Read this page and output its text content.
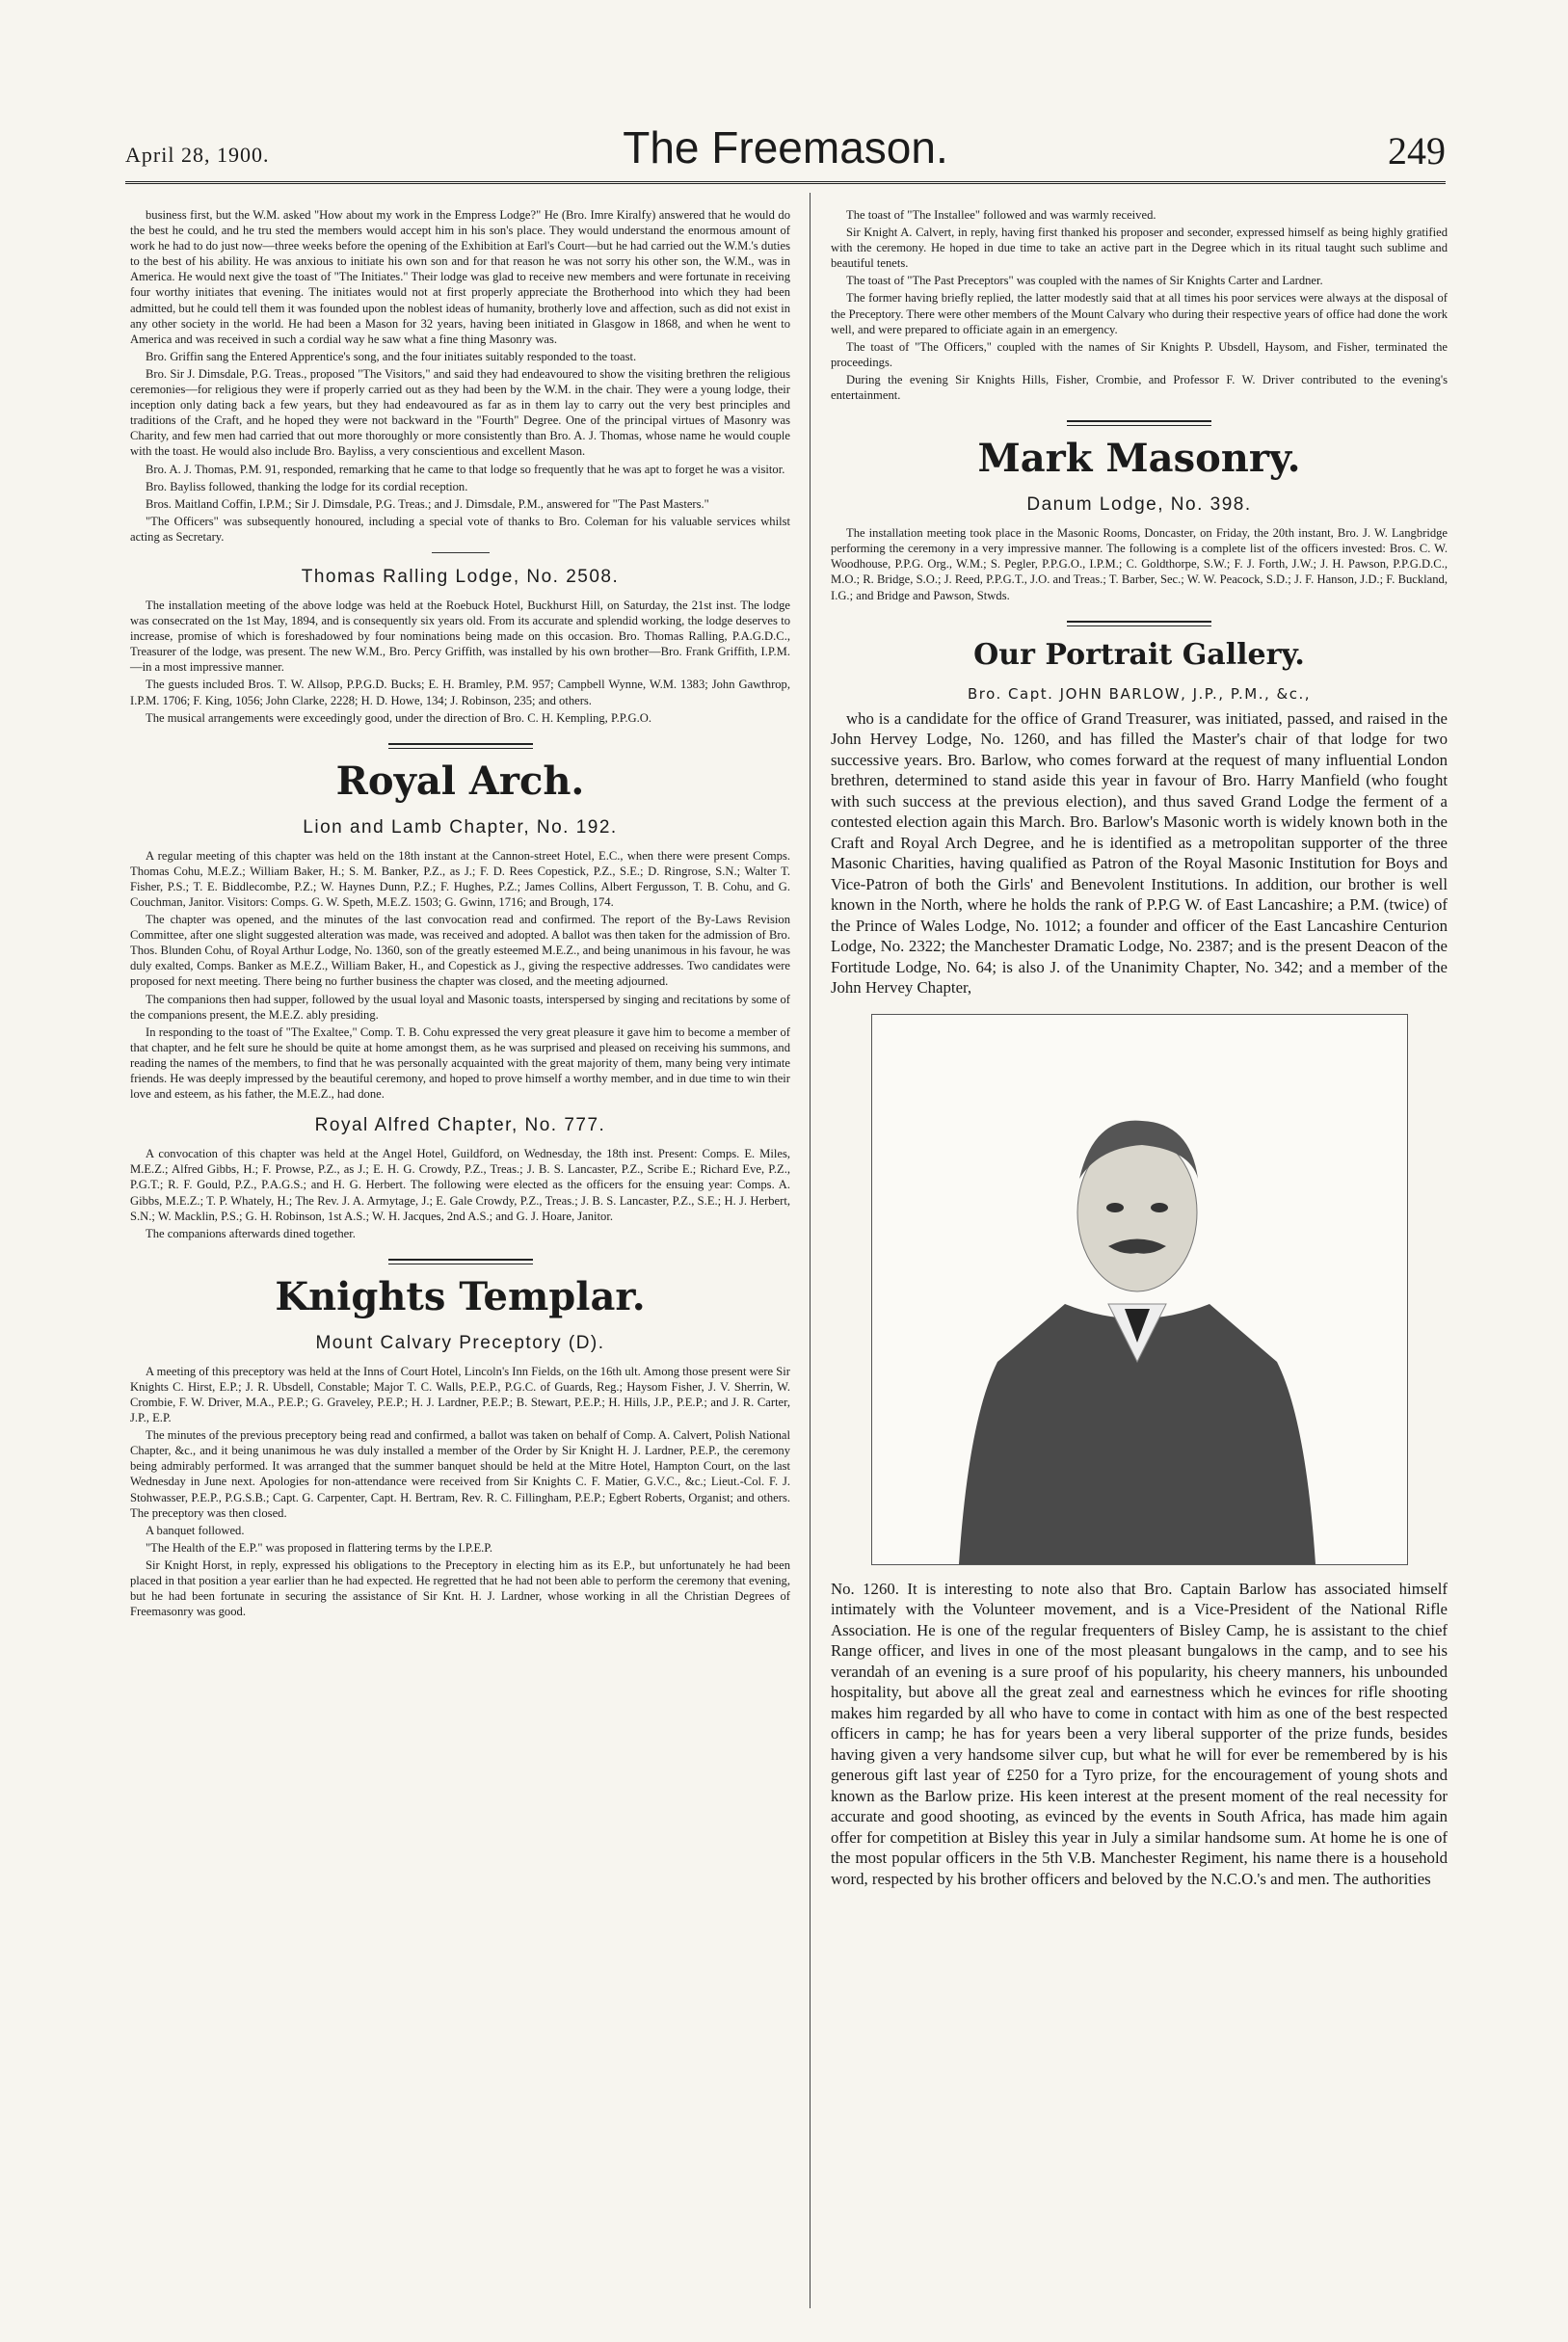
April 28, 1900.	The Freemason.	249

business first, but the W.M. asked "How about my work in the Empress Lodge?" He (Bro. Imre Kiralfy) answered that he would do the best he could, and he tru sted the members would accept him in his son's place. They would understand the enormous amount of work he had to do just now—three weeks before the opening of the Exhibition at Earl's Court—but he had carried out the W.M.'s duties to the best of his ability. He was anxious to initiate his own son and for that reason he was not sorry his other son, the W.M., was in America. He would next give the toast of "The Initiates." Their lodge was glad to receive new members and were fortunate in receiving four worthy initiates that evening. The initiates would not at first properly appreciate the Brotherhood into which they had been admitted, but he could tell them it was founded upon the noblest ideas of humanity, brotherly love and affection, such as did not exist in any other society in the world. He had been a Mason for 32 years, having been initiated in Glasgow in 1868, and when he went to America and was received in such a cordial way he saw what a fine thing Masonry was.

Bro. Griffin sang the Entered Apprentice's song, and the four initiates suitably responded to the toast.

Bro. Sir J. Dimsdale, P.G. Treas., proposed "The Visitors," and said they had endeavoured to show the visiting brethren the religious ceremonies—for religious they were if properly carried out as they had been by the W.M. in the chair. They were a young lodge, their inception only dating back a few years, but they had endeavoured as far as in them lay to carry out the very best principles and traditions of the Craft, and he hoped they were not backward in the "Fourth" Degree. One of the principal virtues of Masonry was Charity, and few men had carried that out more thoroughly or more consistently than Bro. A. J. Thomas, whose name he would couple with the toast. He would also include Bro. Bayliss, a very conscientious and excellent Mason.

Bro. A. J. Thomas, P.M. 91, responded, remarking that he came to that lodge so frequently that he was apt to forget he was a visitor.

Bro. Bayliss followed, thanking the lodge for its cordial reception.

Bros. Maitland Coffin, I.P.M.; Sir J. Dimsdale, P.G. Treas.; and J. Dimsdale, P.M., answered for "The Past Masters."

"The Officers" was subsequently honoured, including a special vote of thanks to Bro. Coleman for his valuable services whilst acting as Secretary.

Thomas Ralling Lodge, No. 2508.

The installation meeting of the above lodge was held at the Roebuck Hotel, Buckhurst Hill, on Saturday, the 21st inst. The lodge was consecrated on the 1st May, 1894, and is consequently six years old. From its accurate and splendid working, the lodge deserves to increase, promise of which is foreshadowed by four nominations being made on this occasion. Bro. Thomas Ralling, P.A.G.D.C., Treasurer of the lodge, was present. The new W.M., Bro. Percy Griffith, was installed by his own brother—Bro. Frank Griffith, I.P.M.—in a most impressive manner.

The guests included Bros. T. W. Allsop, P.P.G.D. Bucks; E. H. Bramley, P.M. 957; Campbell Wynne, W.M. 1383; John Gawthrop, I.P.M. 1706; F. King, 1056; John Clarke, 2228; H. D. Howe, 134; J. Robinson, 235; and others.

The musical arrangements were exceedingly good, under the direction of Bro. C. H. Kempling, P.P.G.O.

Royal Arch.
Lion and Lamb Chapter, No. 192.

A regular meeting of this chapter was held on the 18th instant at the Cannon-street Hotel, E.C., when there were present Comps. Thomas Cohu, M.E.Z.; William Baker, H.; S. M. Banker, P.Z., as J.; F. D. Rees Copestick, P.Z., S.E.; D. Ringrose, S.N.; Walter T. Fisher, P.S.; T. E. Biddlecombe, P.Z.; W. Haynes Dunn, P.Z.; F. Hughes, P.Z.; James Collins, Albert Fergusson, T. B. Cohu, and G. Couchman, Janitor. Visitors: Comps. G. W. Speth, M.E.Z. 1503; G. Gwinn, 1716; and Brough, 174.

The chapter was opened, and the minutes of the last convocation read and confirmed. The report of the By-Laws Revision Committee, after one slight suggested alteration was made, was received and adopted. A ballot was then taken for the admission of Bro. Thos. Blunden Cohu, of Royal Arthur Lodge, No. 1360, son of the greatly esteemed M.E.Z., and being unanimous in his favour, he was duly exalted, Comps. Banker as M.E.Z., William Baker, H., and Copestick as J., giving the respective addresses. Two candidates were proposed for next meeting. There being no further business the chapter was closed, and the meeting adjourned.

The companions then had supper, followed by the usual loyal and Masonic toasts, interspersed by singing and recitations by some of the companions present, the M.E.Z. ably presiding.

In responding to the toast of "The Exaltee," Comp. T. B. Cohu expressed the very great pleasure it gave him to become a member of that chapter, and he felt sure he should be quite at home amongst them, as he was surprised and pleased on receiving his summons, and reading the names of the members, to find that he was personally acquainted with the great majority of them, many being very intimate friends. He was deeply impressed by the beautiful ceremony, and hoped to prove himself a worthy member, and in due time to win their love and esteem, as his father, the M.E.Z., had done.

Royal Alfred Chapter, No. 777.

A convocation of this chapter was held at the Angel Hotel, Guildford, on Wednesday, the 18th inst. Present: Comps. E. Miles, M.E.Z.; Alfred Gibbs, H.; F. Prowse, P.Z., as J.; E. H. G. Crowdy, P.Z., Treas.; J. B. S. Lancaster, P.Z., Scribe E.; Richard Eve, P.Z., P.G.T.; R. F. Gould, P.Z., P.A.G.S.; and H. G. Herbert. The following were elected as the officers for the ensuing year: Comps. A. Gibbs, M.E.Z.; T. P. Whately, H.; The Rev. J. A. Armytage, J.; E. Gale Crowdy, P.Z., Treas.; J. B. S. Lancaster, P.Z., S.E.; H. J. Herbert, S.N.; W. Macklin, P.S.; G. H. Robinson, 1st A.S.; W. H. Jacques, 2nd A.S.; and G. J. Hoare, Janitor.

The companions afterwards dined together.

Knights Templar.
Mount Calvary Preceptory (D).

A meeting of this preceptory was held at the Inns of Court Hotel, Lincoln's Inn Fields, on the 16th ult. Among those present were Sir Knights C. Hirst, E.P.; J. R. Ubsdell, Constable; Major T. C. Walls, P.E.P., P.G.C. of Guards, Reg.; Haysom Fisher, J. V. Sherrin, W. Crombie, F. W. Driver, M.A., P.E.P.; G. Graveley, P.E.P.; H. J. Lardner, P.E.P.; B. Stewart, P.E.P.; H. Hills, J.P., P.E.P.; and J. R. Carter, J.P., E.P.

The minutes of the previous preceptory being read and confirmed, a ballot was taken on behalf of Comp. A. Calvert, Polish National Chapter, &c., and it being unanimous he was duly installed a member of the Order by Sir Knight H. J. Lardner, P.E.P., the ceremony being admirably performed. It was arranged that the summer banquet should be held at the Mitre Hotel, Hampton Court, on the last Wednesday in June next. Apologies for non-attendance were received from Sir Knights C. F. Matier, G.V.C., &c.; Lieut.-Col. F. J. Stohwasser, P.E.P., P.G.S.B.; Capt. G. Carpenter, Capt. H. Bertram, Rev. R. C. Fillingham, P.E.P.; Egbert Roberts, Organist; and others. The preceptory was then closed.

A banquet followed.

"The Health of the E.P." was proposed in flattering terms by the I.P.E.P.

Sir Knight Horst, in reply, expressed his obligations to the Preceptory in electing him as its E.P., but unfortunately he had been placed in that position a year earlier than he had expected. He regretted that he had not been able to perform the ceremony that evening, but he had been fortunate in securing the assistance of Sir Knt. H. J. Lardner, whose working in all the Christian Degrees of Freemasonry was good.

The toast of "The Installee" followed and was warmly received.

Sir Knight A. Calvert, in reply, having first thanked his proposer and seconder, expressed himself as being highly gratified with the ceremony. He hoped in due time to take an active part in the Degree which in its ritual taught such sublime and beautiful tenets.

The toast of "The Past Preceptors" was coupled with the names of Sir Knights Carter and Lardner.

The former having briefly replied, the latter modestly said that at all times his poor services were always at the disposal of the Preceptory. There were other members of the Mount Calvary who during their respective years of office had done the work well, and were prepared to officiate again in an emergency.

The toast of "The Officers," coupled with the names of Sir Knights P. Ubsdell, Haysom, and Fisher, terminated the proceedings.

During the evening Sir Knights Hills, Fisher, Crombie, and Professor F. W. Driver contributed to the evening's entertainment.

Mark Masonry.
Danum Lodge, No. 398.

The installation meeting took place in the Masonic Rooms, Doncaster, on Friday, the 20th instant, Bro. J. W. Langbridge performing the ceremony in a very impressive manner. The following is a complete list of the officers invested: Bros. C. W. Woodhouse, P.P.G. Org., W.M.; S. Pegler, P.P.G.O., I.P.M.; C. Goldthorpe, S.W.; F. J. Forth, J.W.; J. H. Pawson, P.P.G.D.C., M.O.; R. Bridge, S.O.; J. Reed, P.P.G.T., J.O. and Treas.; T. Barber, Sec.; W. W. Peacock, S.D.; J. F. Hanson, J.D.; F. Buckland, I.G.; and Bridge and Pawson, Stwds.

Our Portrait Gallery.
Bro. Capt. JOHN BARLOW, J.P., P.M., &c.,

who is a candidate for the office of Grand Treasurer, was initiated, passed, and raised in the John Hervey Lodge, No. 1260, and has filled the Master's chair of that lodge for two successive years. Bro. Barlow, who comes forward at the request of many influential London brethren, determined to stand aside this year in favour of Bro. Harry Manfield (who fought with such success at the previous election), and thus saved Grand Lodge the ferment of a contested election again this March. Bro. Barlow's Masonic worth is widely known both in the Craft and Royal Arch Degree, and he is identified as a metropolitan supporter of the three Masonic Charities, having qualified as Patron of the Royal Masonic Institution for Boys and Vice-Patron of both the Girls' and Benevolent Institutions. In addition, our brother is well known in the North, where he holds the rank of P.P.G W. of East Lancashire; a P.M. (twice) of the Prince of Wales Lodge, No. 1012; a founder and officer of the East Lancashire Centurion Lodge, No. 2322; the Manchester Dramatic Lodge, No. 2387; and is the present Deacon of the Fortitude Lodge, No. 64; is also J. of the Unanimity Chapter, No. 342; and a member of the John Hervey Chapter,

No. 1260. It is interesting to note also that Bro. Captain Barlow has associated himself intimately with the Volunteer movement, and is a Vice-President of the National Rifle Association. He is one of the regular frequenters of Bisley Camp, he is assistant to the chief Range officer, and lives in one of the most pleasant bungalows in the camp, and to see his verandah of an evening is a sure proof of his popularity, his cheery manners, his unbounded hospitality, but above all the great zeal and earnestness which he evinces for rifle shooting makes him regarded by all who have to come in contact with him as one of the best respected officers in camp; he has for years been a very liberal supporter of the prize funds, besides having given a very handsome silver cup, but what he will for ever be remembered by is his generous gift last year of £250 for a Tyro prize, for the encouragement of young shots and known as the Barlow prize. His keen interest at the present moment of the real necessity for accurate and good shooting, as evinced by the events in South Africa, has made him again offer for competition at Bisley this year in July a similar handsome sum. At home he is one of the most popular officers in the 5th V.B. Manchester Regiment, his name there is a household word, respected by his brother officers and beloved by the N.C.O.'s and men. The authorities
